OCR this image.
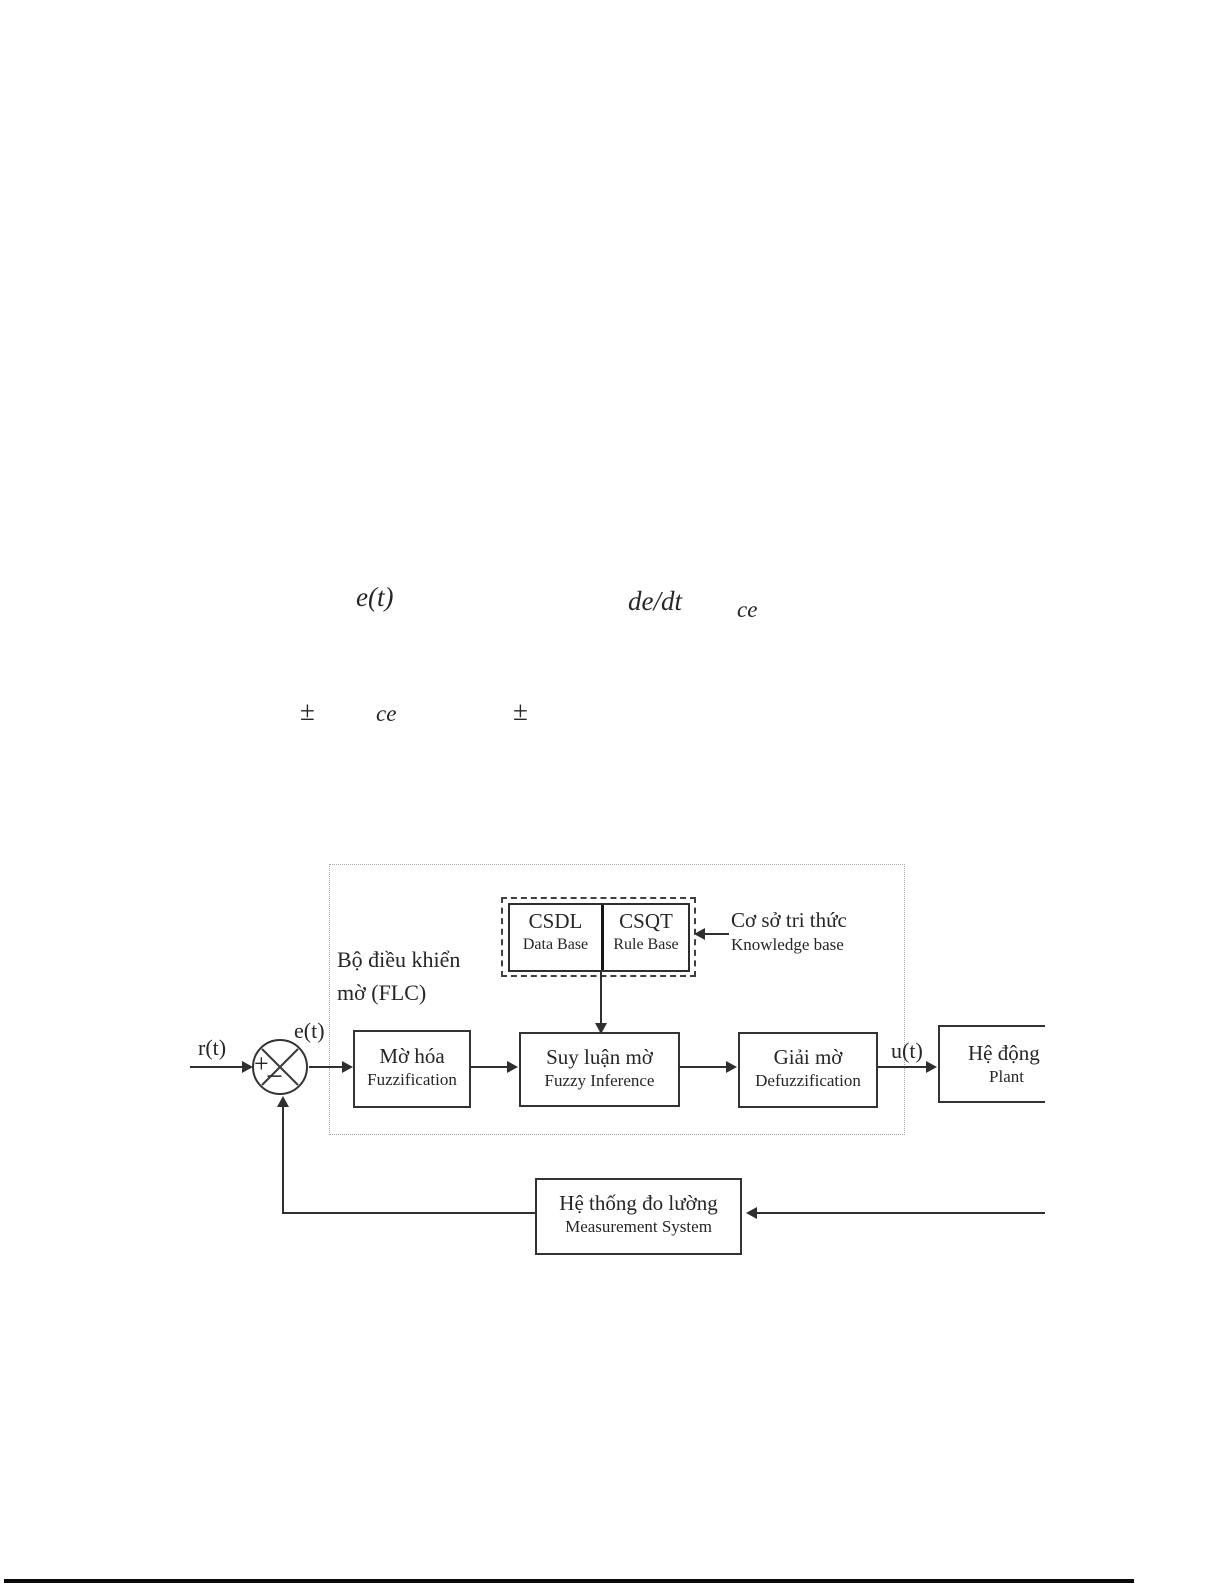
e(t)	de/dt ce
±	ce	±
Bộ điều khiển
mờ (FLC)
CSDL
Data Base
CSQT
Rule Base
Cơ sở tri thức
Knowledge base
r(t)
+
−
e(t)
Mờ hóa
Fuzzification
Suy luận mờ
Fuzzy Inference
Giải mờ
Defuzzification
u(t)	Hệ động
Plant
Hệ thống đo lường
Measurement System
